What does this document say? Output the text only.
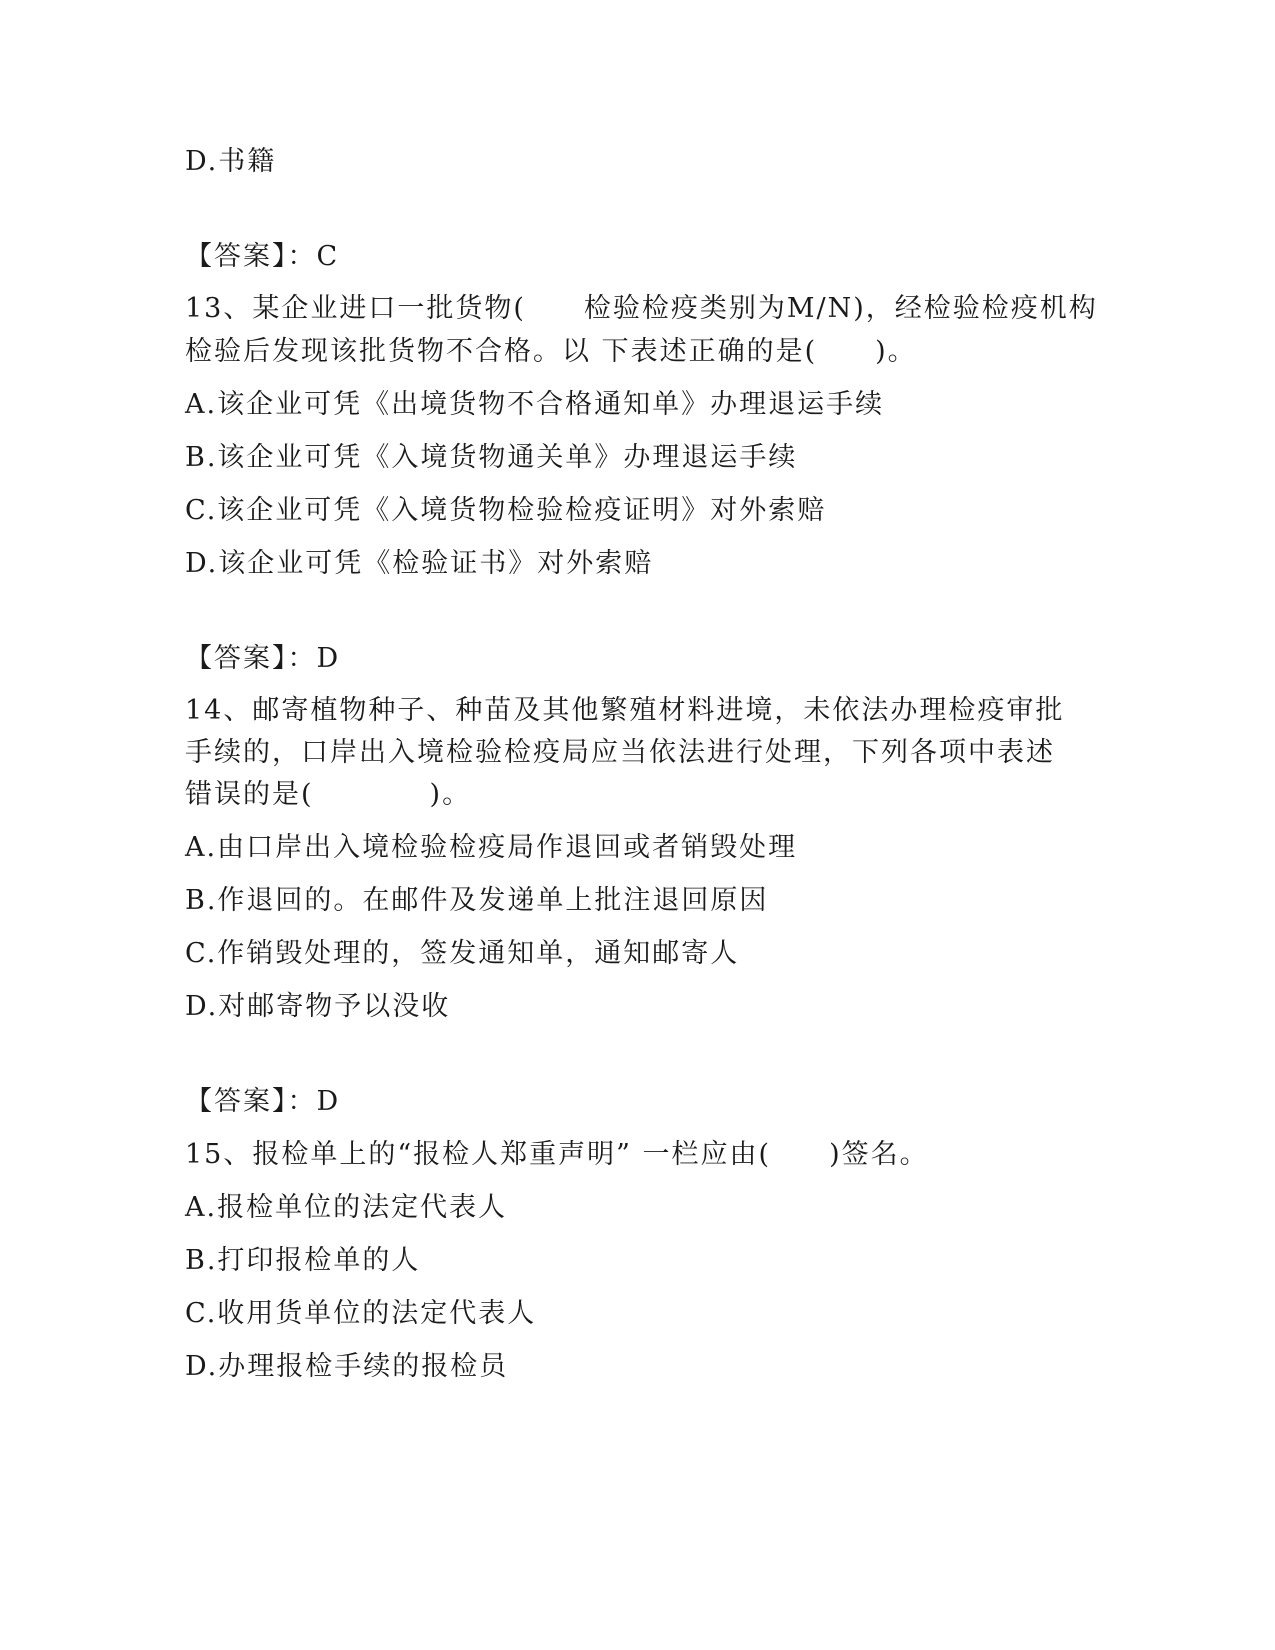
D.书籍
【答案】：C
13、某企业进口一批货物(　　检验检疫类别为M/N)，经检验检疫机构
检验后发现该批货物不合格。以 下表述正确的是(　　)。
A.该企业可凭《出境货物不合格通知单》办理退运手续
B.该企业可凭《入境货物通关单》办理退运手续
C.该企业可凭《入境货物检验检疫证明》对外索赔
D.该企业可凭《检验证书》对外索赔
【答案】：D
14、邮寄植物种子、种苗及其他繁殖材料进境，未依法办理检疫审批
手续的，口岸出入境检验检疫局应当依法进行处理，下列各项中表述
错误的是(　　　　)。
A.由口岸出入境检验检疫局作退回或者销毁处理
B.作退回的。在邮件及发递单上批注退回原因
C.作销毁处理的，签发通知单，通知邮寄人
D.对邮寄物予以没收
【答案】：D
15、报检单上的“报检人郑重声明” 一栏应由(　　)签名。
A.报检单位的法定代表人
B.打印报检单的人
C.收用货单位的法定代表人
D.办理报检手续的报检员
